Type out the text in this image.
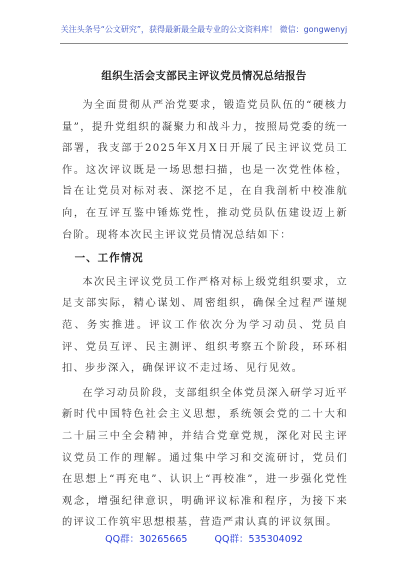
关注头条号“公文研究”，获得最新最全最专业的公文资料库！ 微信：gongwenyj
组织生活会支部民主评议党员情况总结报告

为全面贯彻从严治党要求，锻造党员队伍的“硬核力量”，提升党组织的凝聚力和战斗力，按照局党委的统一部署，我支部于2025年X月X日开展了民主评议党员工作。这次评议既是一场思想扫描，也是一次党性体检，旨在让党员对标对表、深挖不足，在自我剖析中校准航向，在互评互鉴中锤炼党性，推动党员队伍建设迈上新台阶。现将本次民主评议党员情况总结如下：

一、工作情况

本次民主评议党员工作严格对标上级党组织要求，立足支部实际，精心谋划、周密组织，确保全过程严谨规范、务实推进。评议工作依次分为学习动员、党员自评、党员互评、民主测评、组织考察五个阶段，环环相扣、步步深入，确保评议不走过场、见行见效。

在学习动员阶段，支部组织全体党员深入研学习近平新时代中国特色社会主义思想，系统领会党的二十大和二十届三中全会精神，并结合党章党规，深化对民主评议党员工作的理解。通过集中学习和交流研讨，党员们在思想上“再充电”、认识上“再校准”，进一步强化党性观念，增强纪律意识，明确评议标准和程序，为接下来的评议工作筑牢思想根基，营造严肃认真的评议氛围。

QQ群：30265665	QQ群：535304092
